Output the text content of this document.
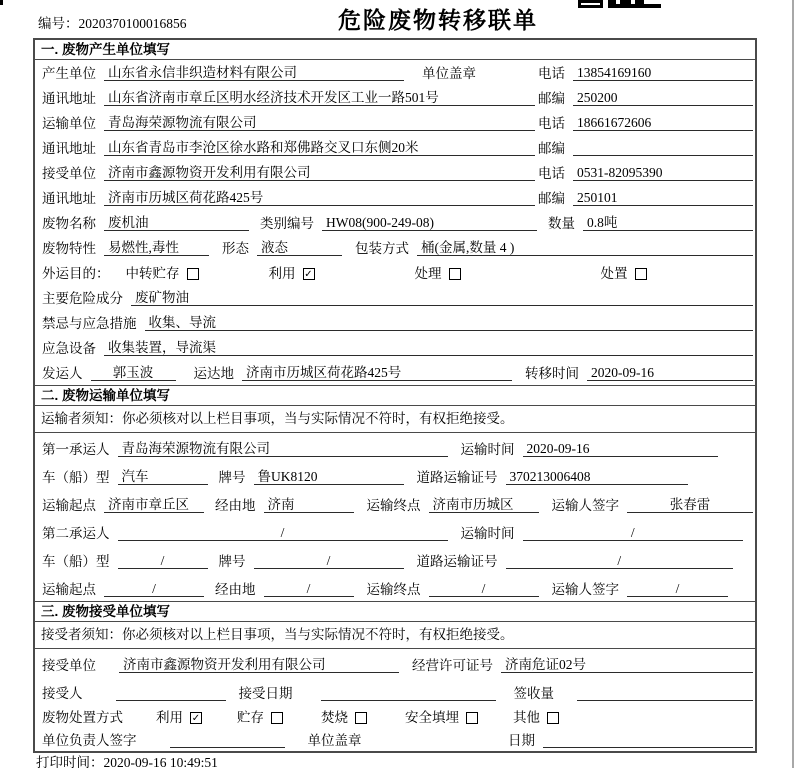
编号：2020370100016856	危险废物转移联单
一. 废物产生单位填写
产生单位 山东省永信非织造材料有限公司	单位盖章	电话 13854169160
通讯地址 山东省济南市章丘区明水经济技术开发区工业一路501号	邮编 250200
运输单位 青岛海荣源物流有限公司	电话 18661672606
通讯地址 山东省青岛市李沧区徐水路和郑佛路交叉口东侧20米	邮编
接受单位 济南市鑫源物资开发利用有限公司	电话 0531-82095390
通讯地址 济南市历城区荷花路425号	邮编 250101
废物名称 废机油	类别编号 HW08(900-249-08)	数量 0.8吨
废物特性 易燃性,毒性	形态 液态	包装方式 桶(金属,数量 4 )
外运目的：	中转贮存	利用 ✓	处理	处置
主要危险成分 废矿物油
禁忌与应急措施 收集、导流
应急设备 收集装置，导流渠
发运人	郭玉波	运达地 济南市历城区荷花路425号	转移时间 2020-09-16
二. 废物运输单位填写
运输者须知：你必须核对以上栏目事项，当与实际情况不符时，有权拒绝接受。
第一承运人 青岛海荣源物流有限公司	运输时间 2020-09-16
车（船）型 汽车	牌号 鲁UK8120	道路运输证号 370213006408
运输起点 济南市章丘区	经由地 济南	运输终点 济南市历城区	运输人签字	张春雷
第二承运人	/	运输时间	/
车（船）型	/	牌号	/	道路运输证号	/
运输起点	/	经由地	/	运输终点	/	运输人签字	/
三. 废物接受单位填写
接受者须知：你必须核对以上栏目事项，当与实际情况不符时，有权拒绝接受。
接受单位	济南市鑫源物资开发利用有限公司	经营许可证号 济南危证02号
接受人	接受日期	签收量
废物处置方式	利用 ✓	贮存	焚烧	安全填埋	其他
单位负责人签字	单位盖章	日期
打印时间：2020-09-16 10:49:51
